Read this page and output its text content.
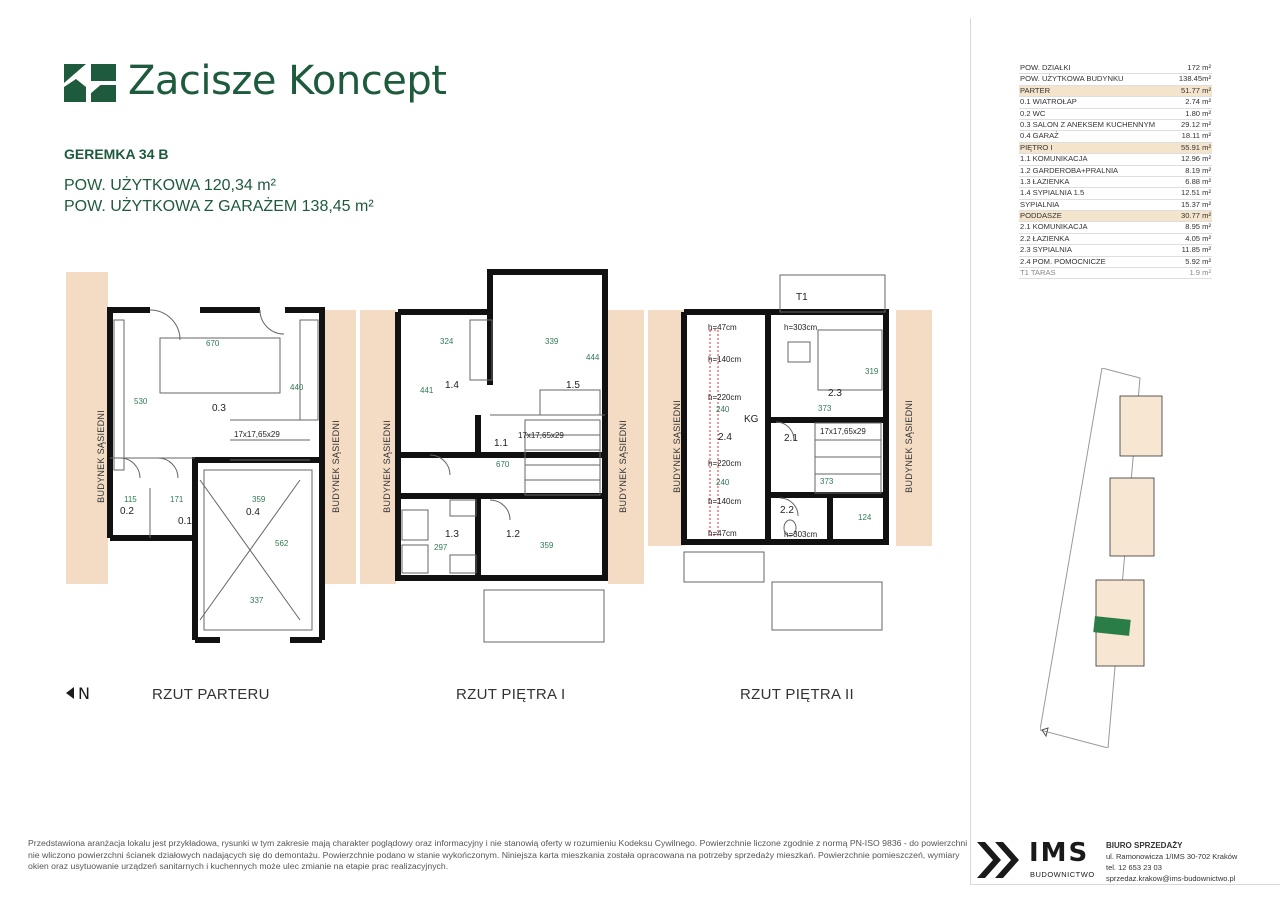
Zacisze Koncept
GEREMKA 34 B
POW. UŻYTKOWA 120,34 m²
POW. UŻYTKOWA Z GARAŻEM 138,45 m²
BUDYNEK SĄSIEDNI	BUDYNEK SĄSIEDNI
670
440
530
359
562
337
171
115
17x17,65x29
0.3
0.4
0.2
0.1
RZUT PARTERU
N
BUDYNEK SĄSIEDNI	BUDYNEK SĄSIEDNI
324	339
444
441
670
297	359
17x17,65x29
1.4	1.5
1.1
1.3	1.2
RZUT PIĘTRA I
BUDYNEK SĄSIEDNI	BUDYNEK SĄSIEDNI
h=47cm
h=140cm
h=220cm
h=220cm
h=140cm
h=47cm
h=303cm
17x17,65x29
h=303cm
240
240
319
373
373
124
T1
2.3
2.4	2.1
2.2
KG
RZUT PIĘTRA II
POW. DZIAŁKI	172 m²
POW. UŻYTKOWA BUDYNKU	138.45m²
PARTER	51.77 m²
0.1 WIATROŁAP	2.74 m²
0.2 WC	1.80 m²
0.3 SALON Z ANEKSEM KUCHENNYM	29.12 m²
0.4 GARAŻ	18.11 m²
PIĘTRO I	55.91 m²
1.1 KOMUNIKACJA	12.96 m²
1.2 GARDEROBA+PRALNIA	8.19 m²
1.3 ŁAZIENKA	6.88 m²
1.4 SYPIALNIA 1.5	12.51 m²
SYPIALNIA	15.37 m²
PODDASZE	30.77 m²
2.1 KOMUNIKACJA	8.95 m²
2.2 ŁAZIENKA	4.05 m²
2.3 SYPIALNIA	11.85 m²
2.4 POM. POMOCNICZE	5.92 m²
T1 TARAS	1.9 m²
Przedstawiona aranżacja lokalu jest przykładowa, rysunki w tym zakresie mają charakter poglądowy oraz informacyjny i nie stanowią oferty w rozumieniu Kodeksu Cywilnego. Powierzchnie liczone zgodnie z normą PN-ISO 9836 - do powierzchni nie wliczono powierzchni ścianek działowych nadających się do demontażu. Powierzchnie podano w stanie wykończonym. Niniejsza karta mieszkania została opracowana na potrzeby sprzedaży mieszkań. Powierzchnie pomieszczeń, wymiary okien oraz usytuowanie urządzeń sanitarnych i kuchennych może ulec zmianie na etapie prac realizacyjnych.	IMS
BUDOWNICTWO
BIURO SPRZEDAŻY
ul. Ramonowicza 1/IMS 30-702 Kraków
tel. 12 653 23 03
sprzedaz.krakow@ims-budownictwo.pl
